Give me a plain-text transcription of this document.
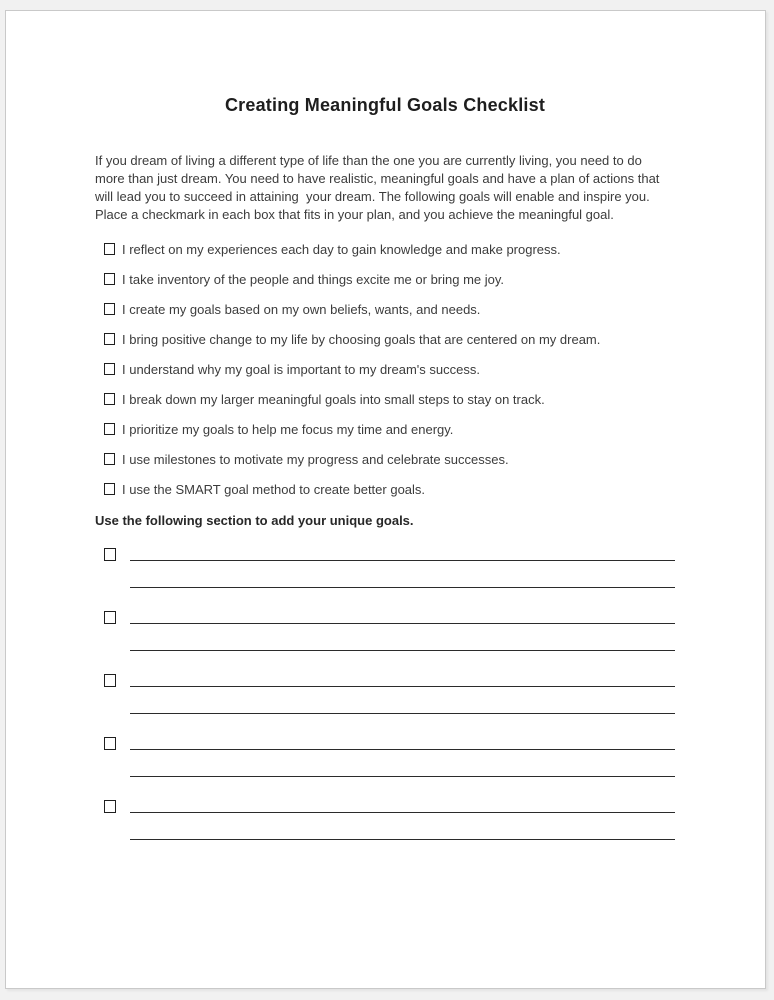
Creating Meaningful Goals Checklist

If you dream of living a different type of life than the one you are currently living, you need to do more than just dream. You need to have realistic, meaningful goals and have a plan of actions that will lead you to succeed in attaining  your dream. The following goals will enable and inspire you. Place a checkmark in each box that fits in your plan, and you achieve the meaningful goal.

I reflect on my experiences each day to gain knowledge and make progress.
I take inventory of the people and things excite me or bring me joy.
I create my goals based on my own beliefs, wants, and needs.
I bring positive change to my life by choosing goals that are centered on my dream.
I understand why my goal is important to my dream's success.
I break down my larger meaningful goals into small steps to stay on track.
I prioritize my goals to help me focus my time and energy.
I use milestones to motivate my progress and celebrate successes.
I use the SMART goal method to create better goals.

Use the following section to add your unique goals.
